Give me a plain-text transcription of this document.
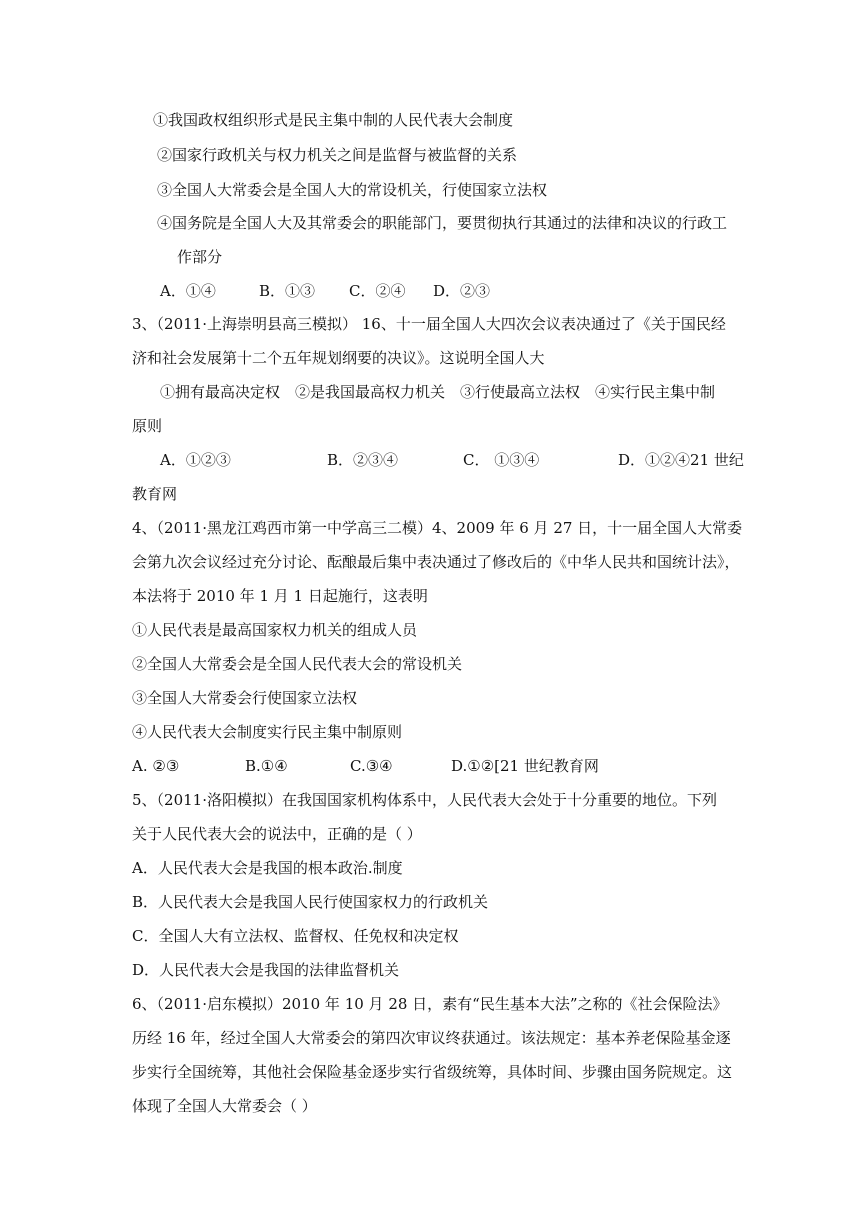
①我国政权组织形式是民主集中制的人民代表大会制度
②国家行政机关与权力机关之间是监督与被监督的关系
③全国人大常委会是全国人大的常设机关，行使国家立法权
④国务院是全国人大及其常委会的职能部门，要贯彻执行其通过的法律和决议的行政工
作部分
A．①④	B．①③ C．②④ D．②③
3、（2011·上海崇明县高三模拟） 16、十一届全国人大四次会议表决通过了《关于国民经
济和社会发展第十二个五年规划纲要的决议》。这说明全国人大
①拥有最高决定权　②是我国最高权力机关　③行使最高立法权　④实行民主集中制
原则
A．①②③	B．②③④	C． ①③④	D．①②④21 世纪
教育网
4、（2011·黑龙江鸡西市第一中学高三二模）4、2009 年 6 月 27 日，十一届全国人大常委
会第九次会议经过充分讨论、酝酿最后集中表决通过了修改后的《中华人民共和国统计法》，
本法将于 2010 年 1 月 1 日起施行，这表明
①人民代表是最高国家权力机关的组成人员
②全国人大常委会是全国人民代表大会的常设机关
③全国人大常委会行使国家立法权
④人民代表大会制度实行民主集中制原则
A. ②③	B.①④	C.③④	D.①②[21 世纪教育网
5、（2011·洛阳模拟）在我国国家机构体系中，人民代表大会处于十分重要的地位。下列
关于人民代表大会的说法中，正确的是（ ）
A．人民代表大会是我国的根本政治.制度
B．人民代表大会是我国人民行使国家权力的行政机关
C．全国人大有立法权、监督权、任免权和决定权
D．人民代表大会是我国的法律监督机关
6、（2011·启东模拟）2010 年 10 月 28 日，素有“民生基本大法”之称的《社会保险法》
历经 16 年，经过全国人大常委会的第四次审议终获通过。该法规定：基本养老保险基金逐
步实行全国统筹，其他社会保险基金逐步实行省级统筹，具体时间、步骤由国务院规定。这
体现了全国人大常委会（ ）
